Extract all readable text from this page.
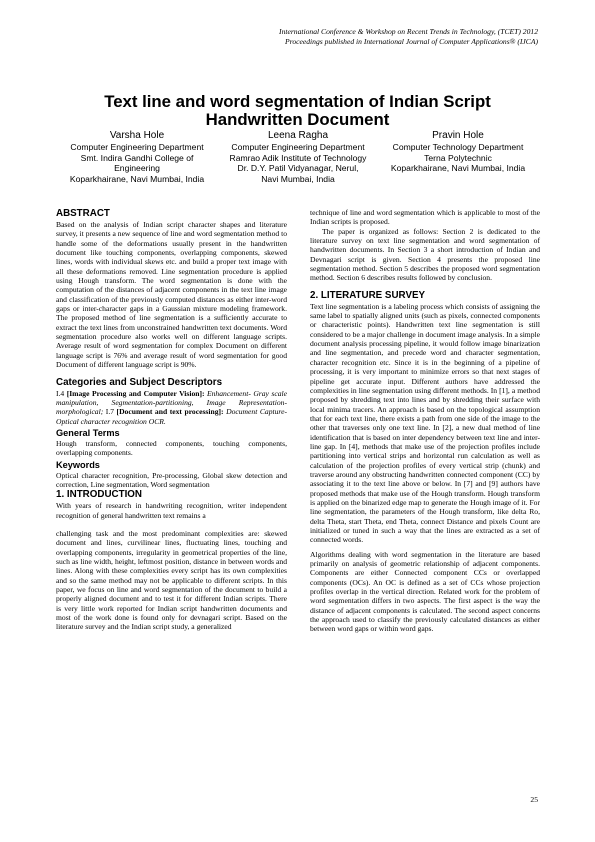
International Conference & Workshop on Recent Trends in Technology, (TCET) 2012
Proceedings published in International Journal of Computer Applications® (IJCA)
Text line and word segmentation of Indian Script
Handwritten Document
Varsha Hole
Computer Engineering Department
Smt. Indira Gandhi College of
Engineering
Koparkhairane, Navi Mumbai, India
Leena Ragha
Computer Engineering Department
Ramrao Adik Institute of Technology
Dr. D.Y. Patil Vidyanagar, Nerul,
Navi Mumbai, India
Pravin Hole
Computer Technology Department
Terna Polytechnic
Koparkhairane, Navi Mumbai, India
ABSTRACT

Based on the analysis of Indian script character shapes and literature survey, it presents a new sequence of line and word segmentation method to handle some of the deformations usually present in the handwritten document like touching components, overlapping components, skewed lines, words with individual skews etc. and build a proper text image with all these deformations removed. Line segmentation procedure is applied using Hough transform. The word segmentation is done with the computation of the distances of adjacent components in the text line image and classification of the previously computed distances as either inter-word gaps or inter-character gaps in a Gaussian mixture modeling framework. The proposed method of line segmentation is a sufficiently accurate to extract the text lines from unconstrained handwritten text documents. Word segmentation procedure also works well on different language scripts. Average result of word segmentation for complex Document on different language script is 76% and average result of word segmentation for good Document of different language script is 90%.

Categories and Subject Descriptors

I.4 [Image Processing and Computer Vision]: Enhancement- Gray scale manipulation, Segmentation-partitioning, Image Representation-morphological; I.7 [Document and text processing]: Document Capture-Optical character recognition OCR.

General Terms

Hough transform, connected components, touching components, overlapping components.

Keywords

Optical character recognition, Pre-processing, Global skew detection and correction, Line segmentation, Word segmentation

1. INTRODUCTION

With years of research in handwriting recognition, writer independent recognition of general handwritten text remains a

challenging task and the most predominant complexities are: skewed document and lines, curvilinear lines, fluctuating lines, touching and overlapping components, irregularity in geometrical properties of the line, such as line width, height, leftmost position, distance in between words and lines. Along with these complexities every script has its own complexities and so the same method may not be applicable to different scripts. In this paper, we focus on line and word segmentation of the document to build a properly aligned document and to test it for different Indian scripts. There is very little work reported for Indian script handwritten documents and most of the work done is found only for devnagari script. Based on the literature survey and the Indian script study, a generalized

technique of line and word segmentation which is applicable to most of the Indian scripts is proposed.

The paper is organized as follows: Section 2 is dedicated to the literature survey on text line segmentation and word segmentation of handwritten documents. In Section 3 a short introduction of Indian and Devnagari script is given. Section 4 presents the proposed line segmentation method. Section 5 describes the proposed word segmentation method. Section 6 describes results followed by conclusion.

2. LITERATURE SURVEY

Text line segmentation is a labeling process which consists of assigning the same label to spatially aligned units (such as pixels, connected components or characteristic points). Handwritten text line segmentation is still considered to be a major challenge in document image analysis. In a simple document analysis processing pipeline, it would follow image binarization and line segmentation, and precede word and character segmentation, character recognition etc. Since it is in the beginning of a pipeline of processing, it is very important to minimize errors so that next stages of pipeline get accurate input. Different authors have addressed the complexities in line segmentation using different methods. In [1], a method proposed by shredding text into lines and by shredding their surface with local minima tracers. An approach is based on the topological assumption that for each text line, there exists a path from one side of the image to the other that traverses only one text line. In [2], a new dual method of line identification that is based on inter dependency between text line and inter-line gap. In [4], methods that make use of the projection profiles include partitioning into vertical strips and horizontal run calculation as well as calculation of the projection profiles of every vertical strip (chunk) and traverse around any obstructing handwritten connected component (CC) by associating it to the text line above or below. In [7] and [9] authors have proposed methods that make use of the Hough transform. Hough transform is applied on the binarized edge map to generate the Hough image of it. For line segmentation, the parameters of the Hough transform, like delta Ro, delta Theta, start Theta, end Theta, connect Distance and pixels Count are initialized or tuned in such a way that the lines are extracted as a set of connected words.

Algorithms dealing with word segmentation in the literature are based primarily on analysis of geometric relationship of adjacent components. Components are either Connected component CCs or overlapped components (OCs). An OC is defined as a set of CCs whose projection profiles overlap in the vertical direction. Related work for the problem of word segmentation differs in two aspects. The first aspect is the way the distance of adjacent components is calculated. The second aspect concerns the approach used to classify the previously calculated distances as either between word gaps or within word gaps.

25
